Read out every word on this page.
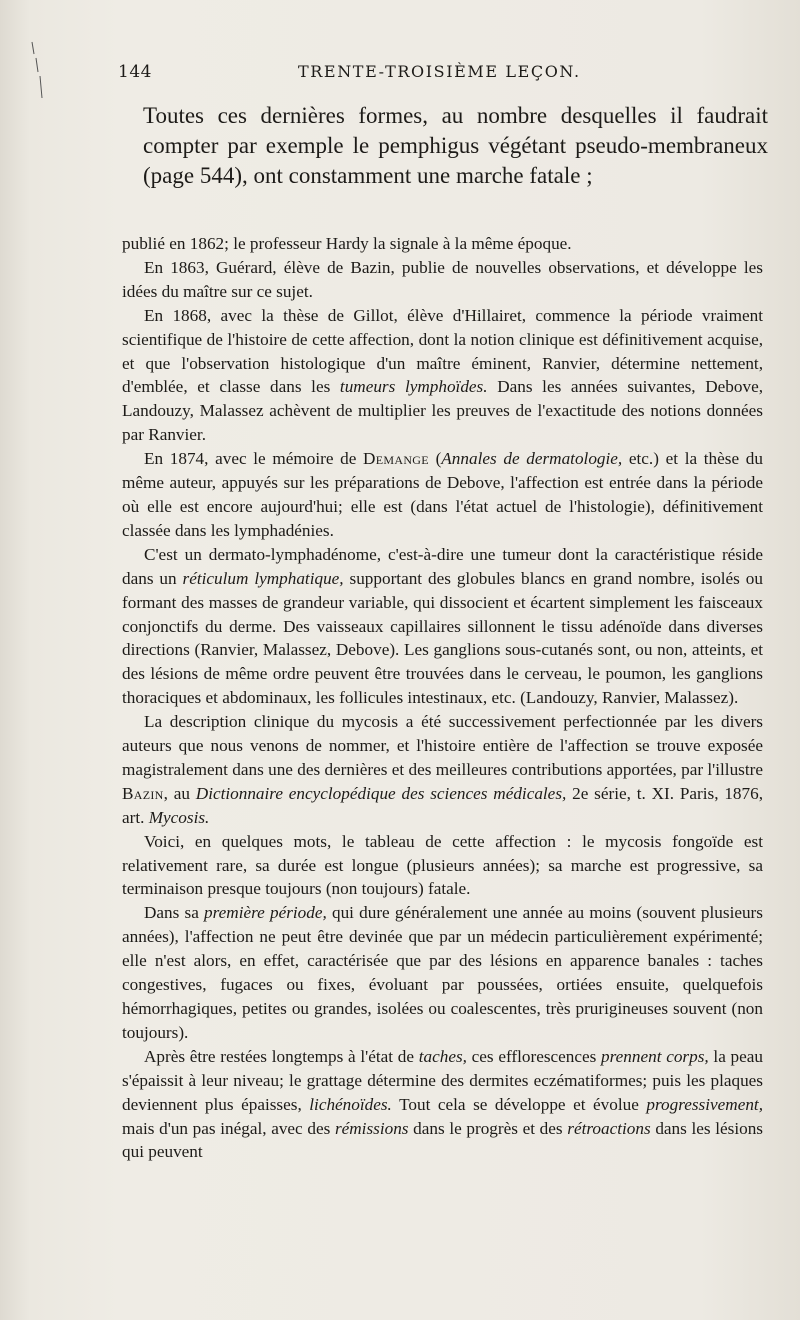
144	TRENTE-TROISIÈME LEÇON.
Toutes ces dernières formes, au nombre desquelles il faudrait compter par exemple le pemphigus végétant pseudo-membraneux (page 544), ont constamment une marche fatale ;

publié en 1862; le professeur Hardy la signale à la même époque.

En 1863, Guérard, élève de Bazin, publie de nouvelles observations, et développe les idées du maître sur ce sujet.

En 1868, avec la thèse de Gillot, élève d'Hillairet, commence la période vraiment scientifique de l'histoire de cette affection, dont la notion clinique est définitivement acquise, et que l'observation histologique d'un maître éminent, Ranvier, détermine nettement, d'emblée, et classe dans les tumeurs lymphoïdes. Dans les années suivantes, Debove, Landouzy, Malassez achèvent de multiplier les preuves de l'exactitude des notions données par Ranvier.

En 1874, avec le mémoire de Demange (Annales de dermatologie, etc.) et la thèse du même auteur, appuyés sur les préparations de Debove, l'affection est entrée dans la période où elle est encore aujourd'hui; elle est (dans l'état actuel de l'histologie), définitivement classée dans les lymphadénies.

C'est un dermato-lymphadénome, c'est-à-dire une tumeur dont la caractéristique réside dans un réticulum lymphatique, supportant des globules blancs en grand nombre, isolés ou formant des masses de grandeur variable, qui dissocient et écartent simplement les faisceaux conjonctifs du derme. Des vaisseaux capillaires sillonnent le tissu adénoïde dans diverses directions (Ranvier, Malassez, Debove). Les ganglions sous-cutanés sont, ou non, atteints, et des lésions de même ordre peuvent être trouvées dans le cerveau, le poumon, les ganglions thoraciques et abdominaux, les follicules intestinaux, etc. (Landouzy, Ranvier, Malassez).

La description clinique du mycosis a été successivement perfectionnée par les divers auteurs que nous venons de nommer, et l'histoire entière de l'affection se trouve exposée magistralement dans une des dernières et des meilleures contributions apportées, par l'illustre Bazin, au Dictionnaire encyclopédique des sciences médicales, 2e série, t. XI. Paris, 1876, art. Mycosis.

Voici, en quelques mots, le tableau de cette affection : le mycosis fongoïde est relativement rare, sa durée est longue (plusieurs années); sa marche est progressive, sa terminaison presque toujours (non toujours) fatale.

Dans sa première période, qui dure généralement une année au moins (souvent plusieurs années), l'affection ne peut être devinée que par un médecin particulièrement expérimenté; elle n'est alors, en effet, caractérisée que par des lésions en apparence banales : taches congestives, fugaces ou fixes, évoluant par poussées, ortiées ensuite, quelquefois hémorrhagiques, petites ou grandes, isolées ou coalescentes, très prurigineuses souvent (non toujours).

Après être restées longtemps à l'état de taches, ces efflorescences prennent corps, la peau s'épaissit à leur niveau; le grattage détermine des dermites eczématiformes; puis les plaques deviennent plus épaisses, lichénoïdes. Tout cela se développe et évolue progressivement, mais d'un pas inégal, avec des rémissions dans le progrès et des rétroactions dans les lésions qui peuvent
